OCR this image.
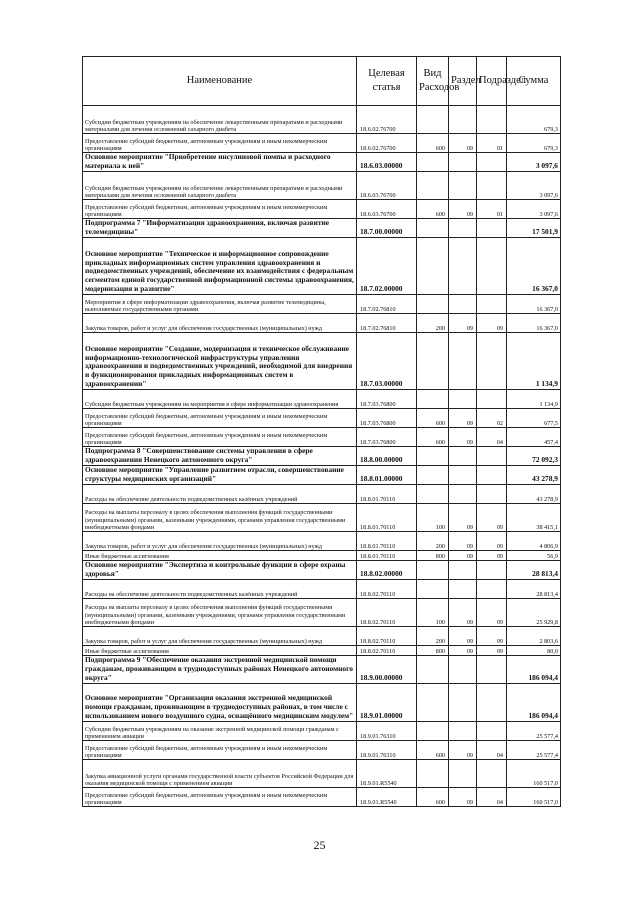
Наименование	Целевая статья	Вид Расходов	Раздел	Подраздел	Сумма
Субсидии бюджетным учреждениям на обеспечение лекарственными препаратами и расходными материалами для лечения осложнений сахарного диабета	18.6.02.76700				679,3
Предоставление субсидий бюджетным, автономным учреждениям и иным некоммерческим организациям	18.6.02.76700	600	09	01	679,3
Основное мероприятие "Приобретение инсулиновой помпы и расходного материала к ней"	18.6.03.00000				3 097,6
Субсидии бюджетным учреждениям на обеспечение лекарственными препаратами и расходными материалами для лечения осложнений сахарного диабета	18.6.03.76700				3 097,6
Предоставление субсидий бюджетным, автономным учреждениям и иным некоммерческим организациям	18.6.03.76700	600	09	01	3 097,6
Подпрограмма 7 "Информатизация здравоохранения, включая развитие телемедицины"	18.7.00.00000				17 501,9
Основное мероприятие "Техническое и информационное сопровождение прикладных информационных систем управления здравоохранения и подведомственных учреждений, обеспечение их взаимодействия с федеральным сегментом единой государственной информационной системы здравоохранения, модернизация и развитие"	18.7.02.00000				16 367,0
Мероприятия в сфере информатизации здравоохранения, включая развитие телемедицины, выполняемые государственными органами	18.7.02.76810				16 367,0
Закупка товаров, работ и услуг для обеспечения государственных (муниципальных) нужд	18.7.02.76810	200	09	09	16 367,0
Основное мероприятие "Создание, модернизация и техническое обслуживание информационно-технологической инфраструктуры управления здравоохранения и подведомственных учреждений, необходимой для внедрения и функционирования прикладных информационных систем в здравоохранении"	18.7.03.00000				1 134,9
Субсидии бюджетным учреждениям на мероприятия в сфере информатизации здравоохранения	18.7.03.76800				1 134,9
Предоставление субсидий бюджетным, автономным учреждениям и иным некоммерческим организациям	18.7.03.76800	600	09	02	677,5
Предоставление субсидий бюджетным, автономным учреждениям и иным некоммерческим организациям	18.7.03.76800	600	09	04	457,4
Подпрограмма 8 "Совершенствование системы управления в сфере здравоохранения Ненецкого автономного округа"	18.8.00.00000				72 092,3
Основное мероприятие "Управление развитием отрасли, совершенствование структуры медицинских организаций"	18.8.01.00000				43 278,9
Расходы на обеспечение деятельности подведомственных казённых учреждений	18.8.01.70110				43 278,9
Расходы на выплаты персоналу в целях обеспечения выполнения функций государственными (муниципальными) органами, казенными учреждениями, органами управления государственными внебюджетными фондами	18.8.01.70110	100	09	09	38 415,1
Закупка товаров, работ и услуг для обеспечения государственных (муниципальных) нужд	18.8.01.70110	200	09	09	4 806,9
Иные бюджетные ассигнования	18.8.01.70110	800	09	09	56,9
Основное мероприятие "Экспертиза и контрольные функции в сфере охраны здоровья"	18.8.02.00000				28 813,4
Расходы на обеспечение деятельности подведомственных казённых учреждений	18.8.02.70110				28 813,4
Расходы на выплаты персоналу в целях обеспечения выполнения функций государственными (муниципальными) органами, казенными учреждениями, органами управления государственными внебюджетными фондами	18.8.02.70110	100	09	09	25 929,8
Закупка товаров, работ и услуг для обеспечения государственных (муниципальных) нужд	18.8.02.70110	200	09	09	2 803,6
Иные бюджетные ассигнования	18.8.02.70110	800	09	09	80,0
Подпрограмма 9 "Обеспечение оказания экстренной медицинской помощи гражданам, проживающим в труднодоступных районах Ненецкого автономного округа"	18.9.00.00000				186 094,4
Основное мероприятие "Организация оказания экстренной медицинской помощи гражданам, проживающим в труднодоступных районах, в том числе с использованием нового воздушного судна, оснащённого медицинским модулем"	18.9.01.00000				186 094,4
Субсидии бюджетным учреждениям на оказание экстренной медицинской помощи гражданам с применением авиации	18.9.01.76310				25 577,4
Предоставление субсидий бюджетным, автономным учреждениям и иным некоммерческим организациям	18.9.01.76310	600	09	04	25 577,4
Закупка авиационной услуги органами государственной власти субъектов Российской Федерации для оказания медицинской помощи с применением авиации	18.9.01.R5540				160 517,0
Предоставление субсидий бюджетным, автономным учреждениям и иным некоммерческим организациям	18.9.01.R5540	600	09	04	160 517,0
25
